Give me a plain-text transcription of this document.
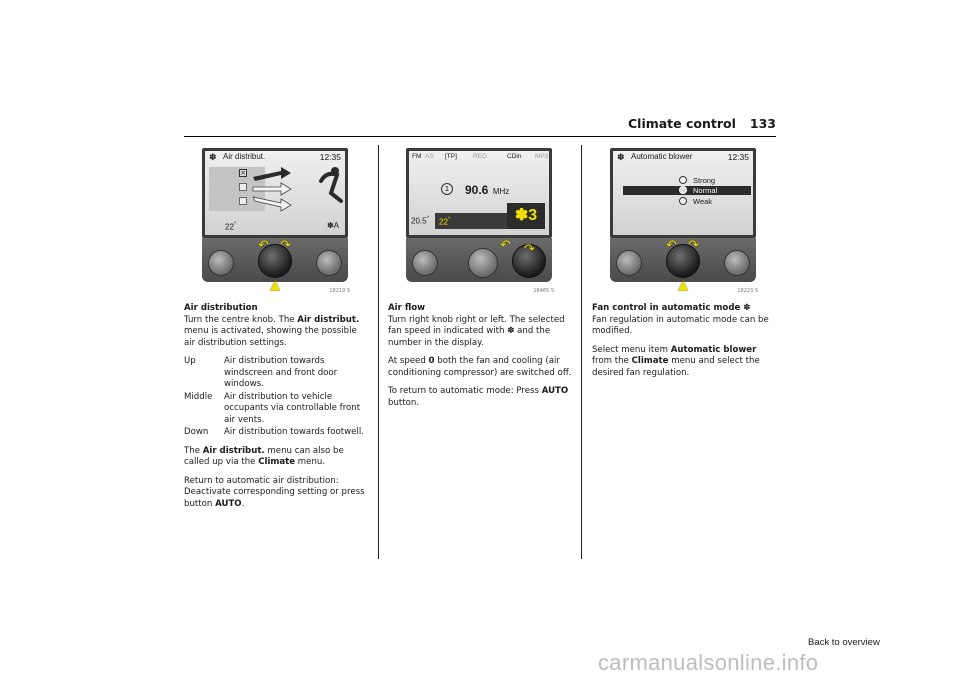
Climate control 133
✽ Air distribut.	12:35
×
22°	✽A
↶ ↷
▲	18219 S
FM AS [TP] REG	CDin MP3
1	90.6 MHz
20.5°	22°	✽3
↶ ↷
18465 S
✽ Automatic blower	12:35
Strong
Normal
Weak
↶ ↷
▲	18223 S

Air distribution
Turn the centre knob. The Air distribut. menu is activated, showing the possible air distribution settings.

Up	Air distribution towards windscreen and front door windows.
Middle	Air distribution to vehicle occupants via controllable front air vents.
Down	Air distribution towards footwell.

The Air distribut. menu can also be called up via the Climate menu.

Return to automatic air distribution: Deactivate corresponding setting or press button AUTO.

Air flow
Turn right knob right or left. The selected fan speed in indicated with ✽ and the number in the display.

At speed 0 both the fan and cooling (air conditioning compressor) are switched off.

To return to automatic mode: Press AUTO button.

Fan control in automatic mode ✽
Fan regulation in automatic mode can be modified.

Select menu item Automatic blower from the Climate menu and select the desired fan regulation.

Back to overview
carmanualsonline.info
